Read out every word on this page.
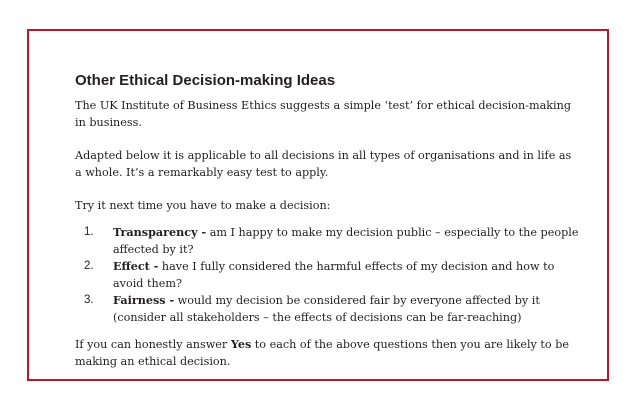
Other Ethical Decision-making Ideas

The UK Institute of Business Ethics suggests a simple ‘test’ for ethical decision-making in business.

Adapted below it is applicable to all decisions in all types of organisations and in life as a whole. It’s a remarkably easy test to apply.

Try it next time you have to make a decision:

1. Transparency - am I happy to make my decision public – especially to the people affected by it?
2. Effect - have I fully considered the harmful effects of my decision and how to avoid them?
3. Fairness - would my decision be considered fair by everyone affected by it (consider all stakeholders – the effects of decisions can be far-reaching)

If you can honestly answer Yes to each of the above questions then you are likely to be making an ethical decision.
